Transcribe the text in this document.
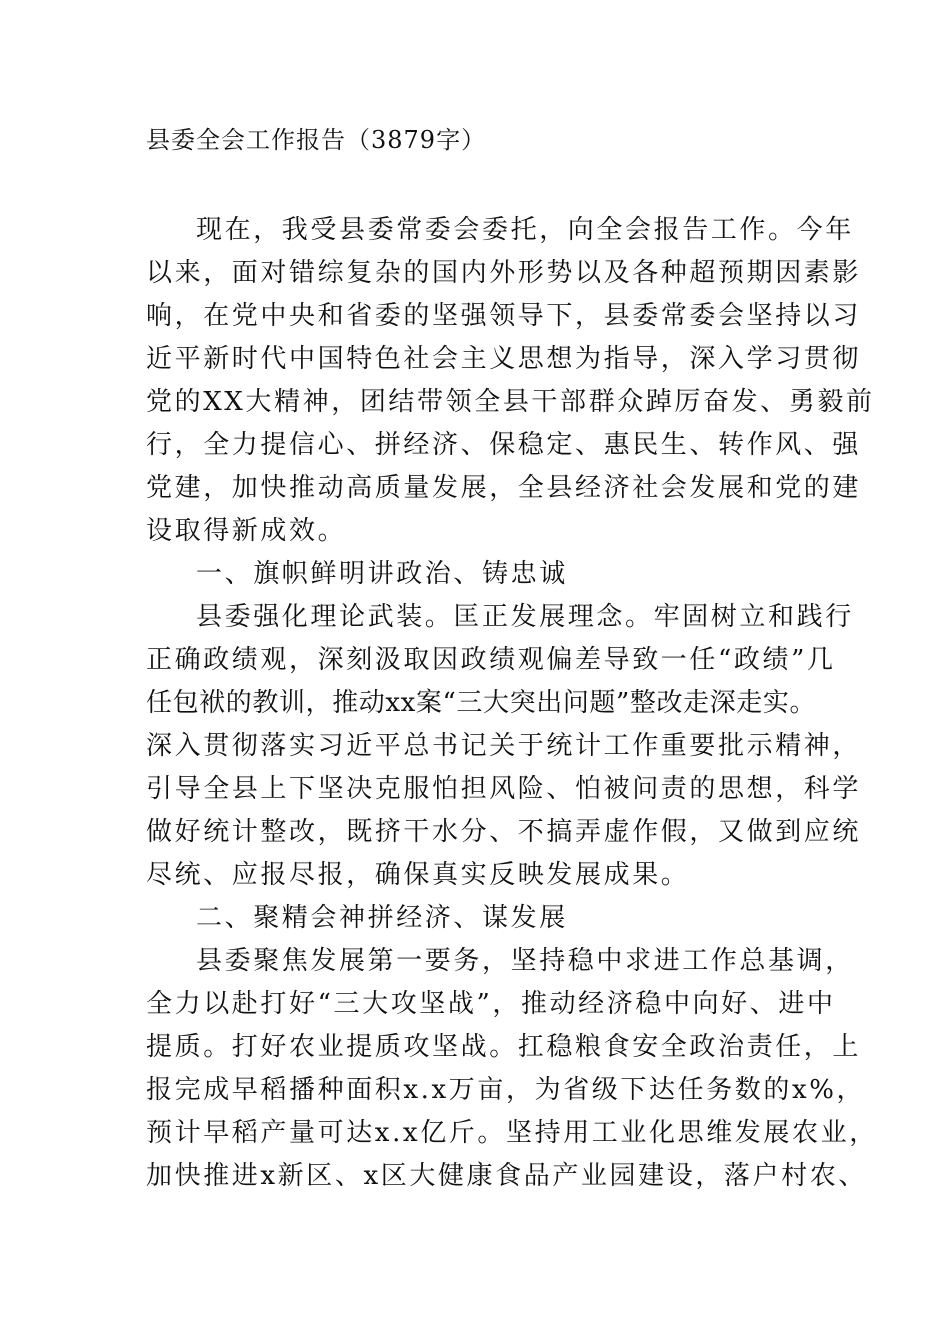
县委全会工作报告（3879字）
现在，我受县委常委会委托，向全会报告工作。今年
以来，面对错综复杂的国内外形势以及各种超预期因素影
响，在党中央和省委的坚强领导下，县委常委会坚持以习
近平新时代中国特色社会主义思想为指导，深入学习贯彻
党的XX大精神，团结带领全县干部群众踔厉奋发、勇毅前
行，全力提信心、拼经济、保稳定、惠民生、转作风、强
党建，加快推动高质量发展，全县经济社会发展和党的建
设取得新成效。
一、旗帜鲜明讲政治、铸忠诚
县委强化理论武装。匡正发展理念。牢固树立和践行
正确政绩观，深刻汲取因政绩观偏差导致一任“政绩”几
任包袱的教训，推动xx案“三大突出问题”整改走深走实。
深入贯彻落实习近平总书记关于统计工作重要批示精神，
引导全县上下坚决克服怕担风险、怕被问责的思想，科学
做好统计整改，既挤干水分、不搞弄虚作假，又做到应统
尽统、应报尽报，确保真实反映发展成果。
二、聚精会神拼经济、谋发展
县委聚焦发展第一要务，坚持稳中求进工作总基调，
全力以赴打好“三大攻坚战”，推动经济稳中向好、进中
提质。打好农业提质攻坚战。扛稳粮食安全政治责任，上
报完成早稻播种面积x.x万亩，为省级下达任务数的x%，
预计早稻产量可达x.x亿斤。坚持用工业化思维发展农业，
加快推进x新区、x区大健康食品产业园建设，落户村农、
